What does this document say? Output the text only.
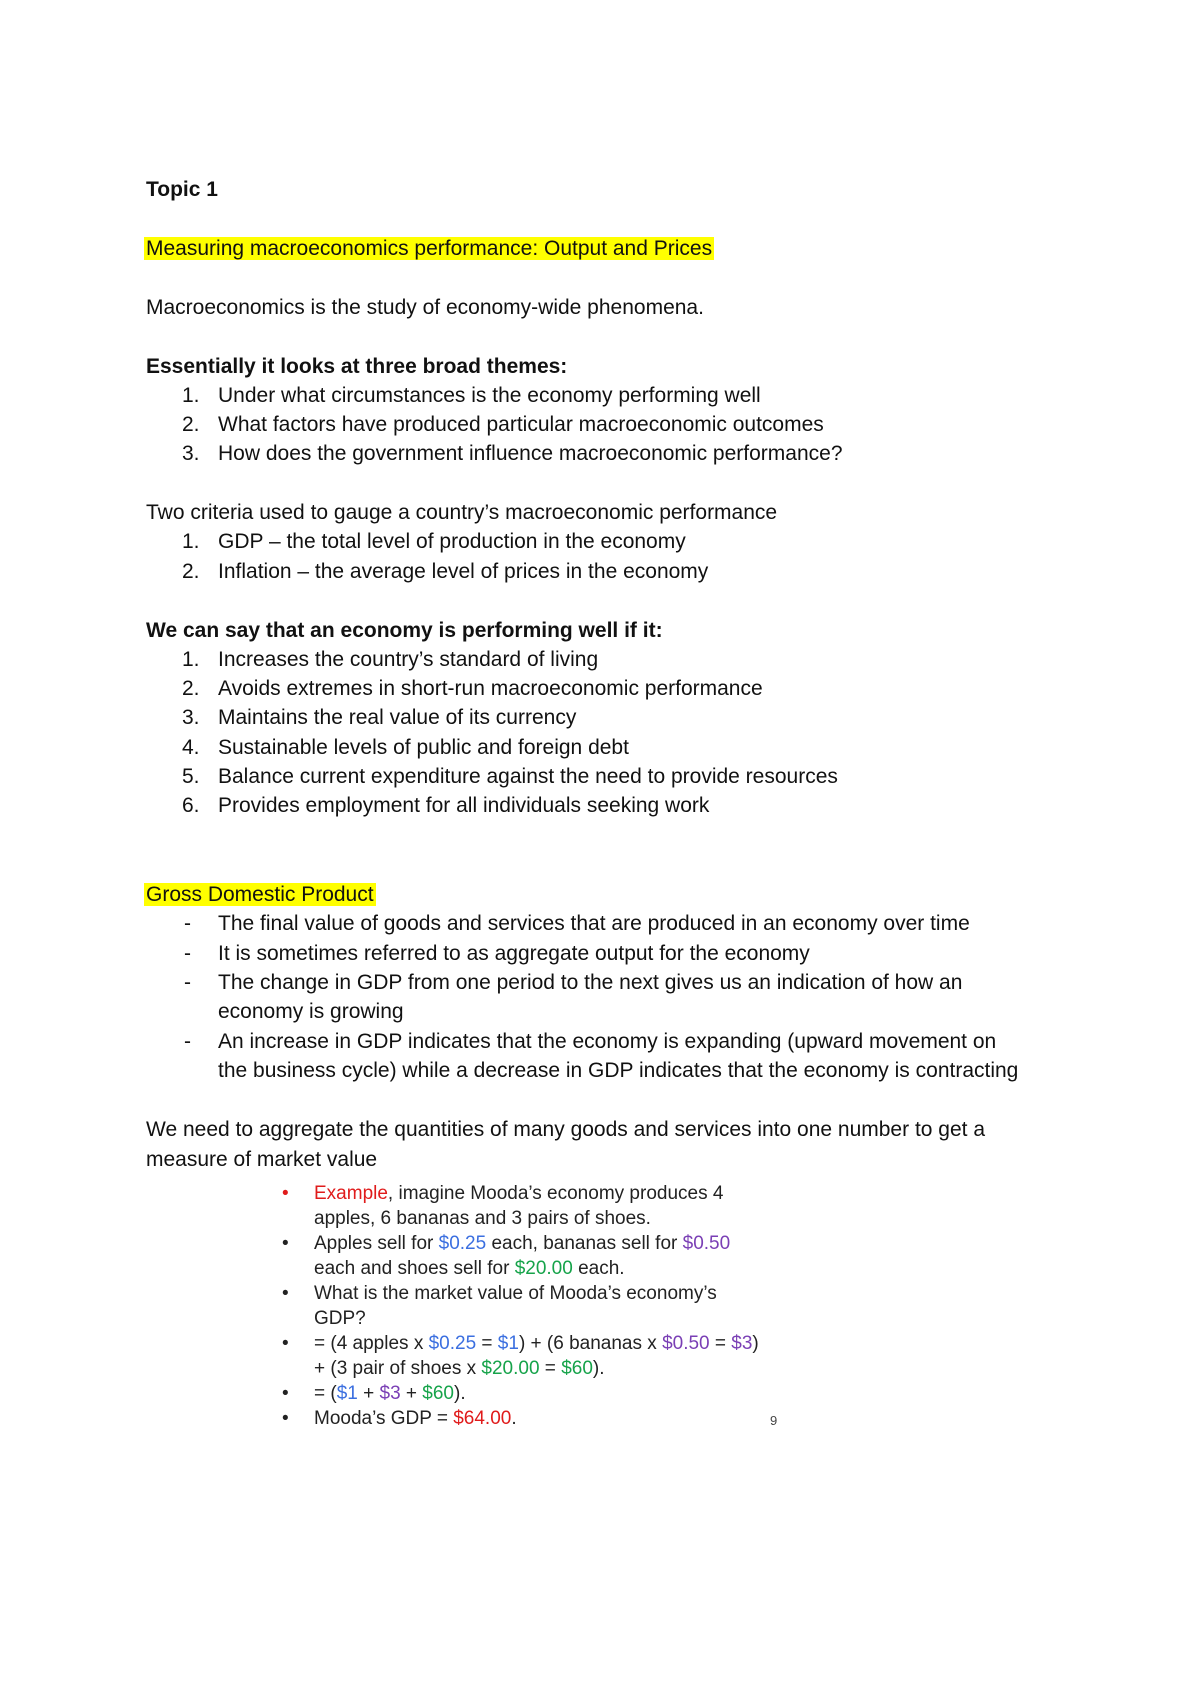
Topic 1
Measuring macroeconomics performance: Output and Prices
Macroeconomics is the study of economy-wide phenomena.
Essentially it looks at three broad themes:
1. Under what circumstances is the economy performing well
2. What factors have produced particular macroeconomic outcomes
3. How does the government influence macroeconomic performance?
Two criteria used to gauge a country’s macroeconomic performance
1. GDP – the total level of production in the economy
2. Inflation – the average level of prices in the economy
We can say that an economy is performing well if it:
1. Increases the country’s standard of living
2. Avoids extremes in short-run macroeconomic performance
3. Maintains the real value of its currency
4. Sustainable levels of public and foreign debt
5. Balance current expenditure against the need to provide resources
6. Provides employment for all individuals seeking work
Gross Domestic Product
- The final value of goods and services that are produced in an economy over time
- It is sometimes referred to as aggregate output for the economy
- The change in GDP from one period to the next gives us an indication of how an
economy is growing
- An increase in GDP indicates that the economy is expanding (upward movement on
the business cycle) while a decrease in GDP indicates that the economy is contracting
We need to aggregate the quantities of many goods and services into one number to get a
measure of market value
• Example, imagine Mooda’s economy produces 4
apples, 6 bananas and 3 pairs of shoes.
• Apples sell for $0.25 each, bananas sell for $0.50
each and shoes sell for $20.00 each.
• What is the market value of Mooda’s economy’s
GDP?
• = (4 apples x $0.25 = $1) + (6 bananas x $0.50 = $3)
+ (3 pair of shoes x $20.00 = $60).
• = ($1 + $3 + $60).
• Mooda’s GDP = $64.00.	9
